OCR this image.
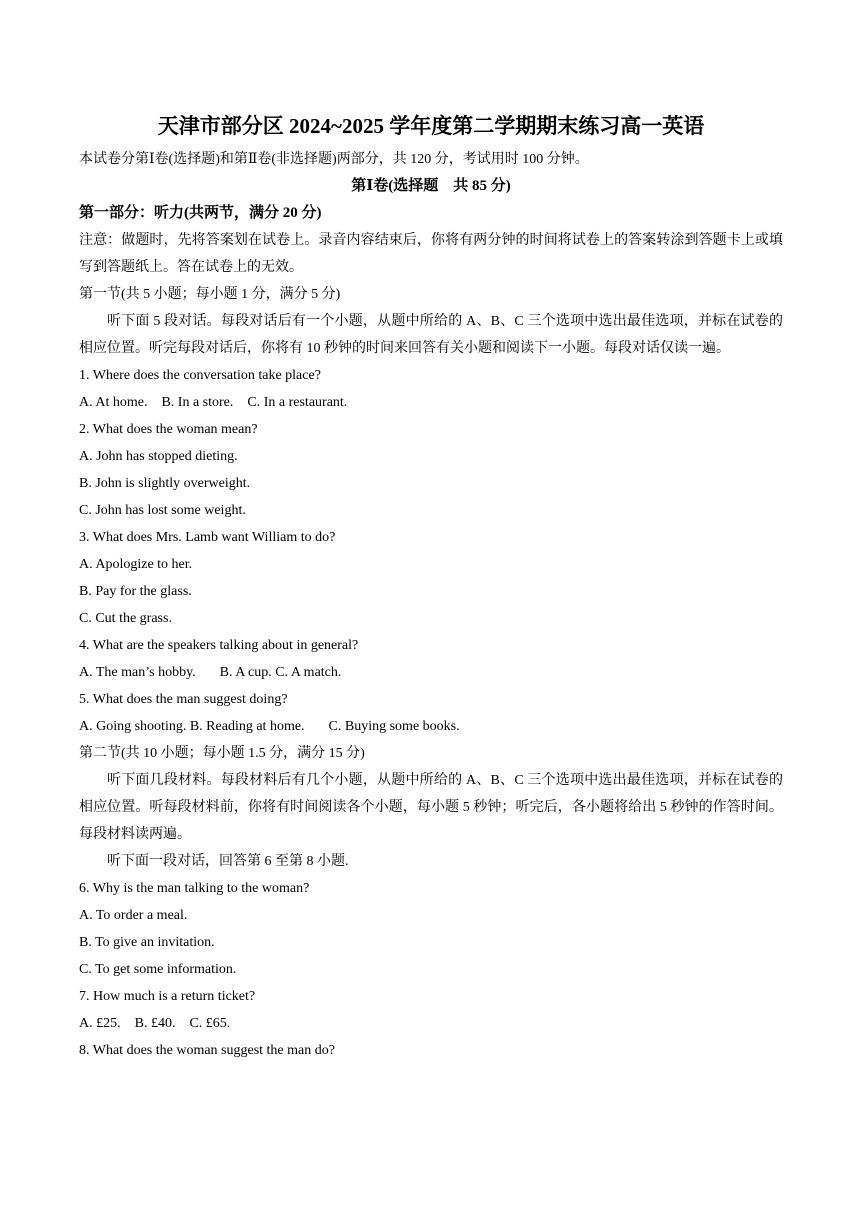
天津市部分区 2024~2025 学年度第二学期期末练习高一英语
本试卷分第Ⅰ卷(选择题)和第Ⅱ卷(非选择题)两部分，共 120 分，考试用时 100 分钟。
第Ⅰ卷(选择题　共 85 分)
第一部分：听力(共两节，满分 20 分)
注意：做题时，先将答案划在试卷上。录音内容结束后，你将有两分钟的时间将试卷上的答案转涂到答题卡上或填写到答题纸上。答在试卷上的无效。
第一节(共 5 小题；每小题 1 分，满分 5 分)
听下面 5 段对话。每段对话后有一个小题，从题中所给的 A、B、C 三个选项中选出最佳选项，并标在试卷的相应位置。听完每段对话后，你将有 10 秒钟的时间来回答有关小题和阅读下一小题。每段对话仅读一遍。
1. Where does the conversation take place?
A. At home. B. In a store. C. In a restaurant.
2. What does the woman mean?
A. John has stopped dieting.
B. John is slightly overweight.
C. John has lost some weight.
3. What does Mrs. Lamb want William to do?
A. Apologize to her.
B. Pay for the glass.
C. Cut the grass.
4. What are the speakers talking about in general?
A. The man’s hobby. B. A cup. C. A match.
5. What does the man suggest doing?
A. Going shooting. B. Reading at home. C. Buying some books.
第二节(共 10 小题；每小题 1.5 分，满分 15 分)
听下面几段材料。每段材料后有几个小题，从题中所给的 A、B、C 三个选项中选出最佳选项，并标在试卷的相应位置。听每段材料前，你将有时间阅读各个小题，每小题 5 秒钟；听完后，各小题将给出 5 秒钟的作答时间。每段材料读两遍。
听下面一段对话，回答第 6 至第 8 小题.
6. Why is the man talking to the woman?
A. To order a meal.
B. To give an invitation.
C. To get some information.
7. How much is a return ticket?
A. £25. B. £40. C. £65.
8. What does the woman suggest the man do?
